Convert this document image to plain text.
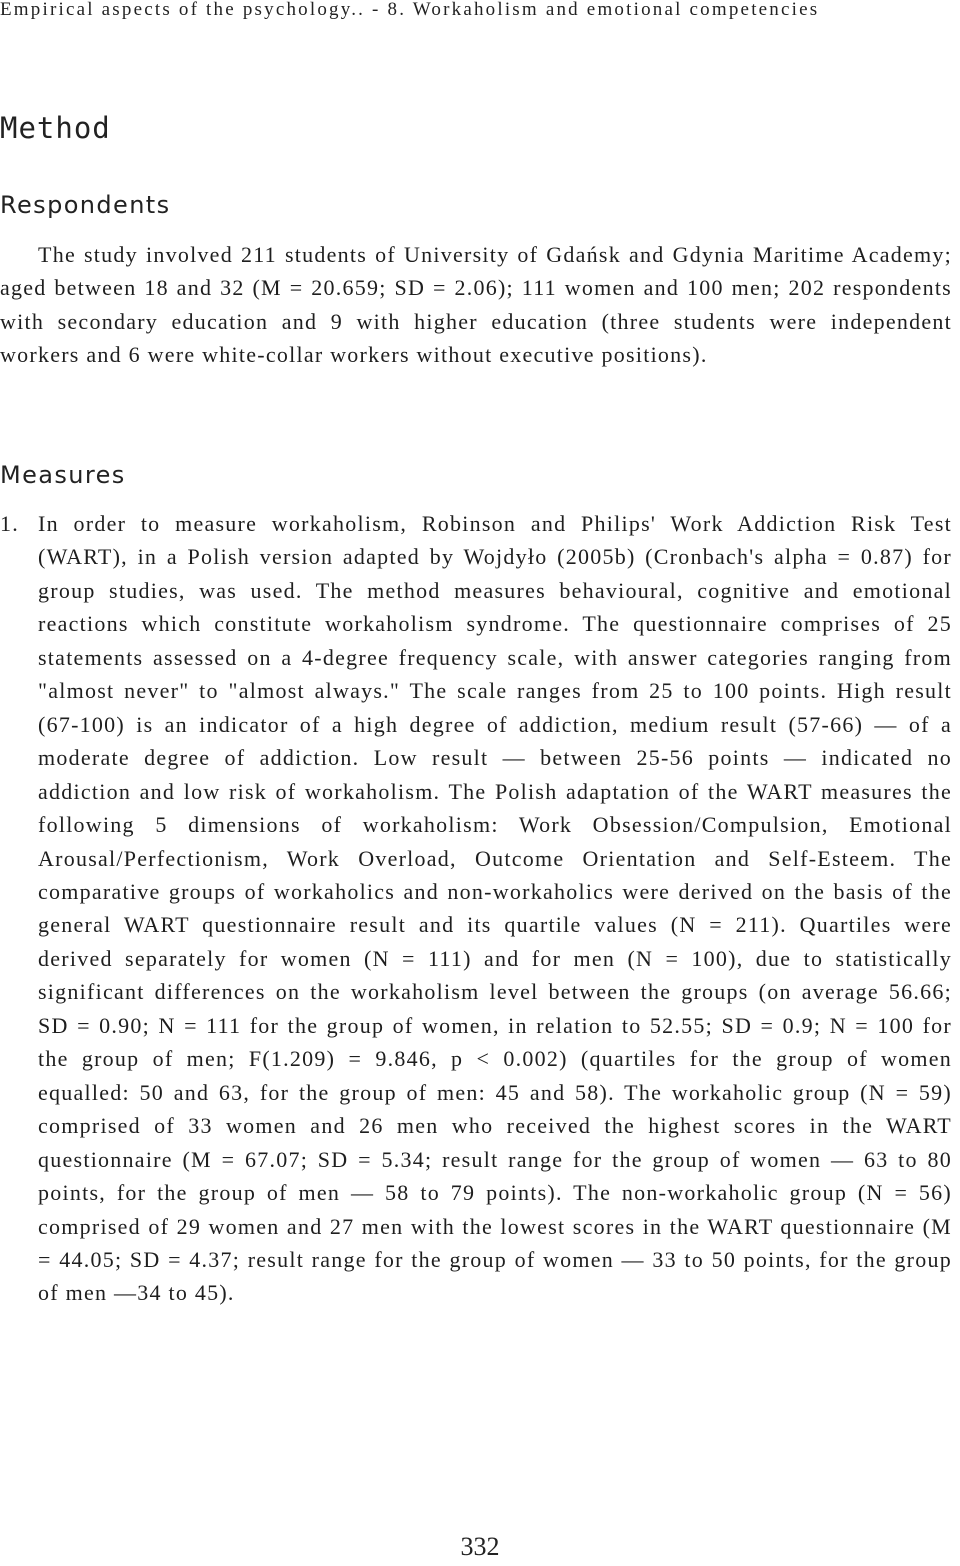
Empirical aspects of the psychology.. - 8. Workaholism and emotional competencies
Method
Respondents

The study involved 211 students of University of Gdańsk and Gdynia Maritime Academy; aged between 18 and 32 (M = 20.659; SD = 2.06); 111 women and 100 men; 202 respondents with secondary education and 9 with higher education (three students were independent workers and 6 were white-collar workers without executive positions).

Measures

1. In order to measure workaholism, Robinson and Philips' Work Addiction Risk Test (WART), in a Polish version adapted by Wojdyło (2005b) (Cronbach's alpha = 0.87) for group studies, was used. The method measures behavioural, cognitive and emotional reactions which constitute workaholism syndrome. The questionnaire comprises of 25 statements assessed on a 4-degree frequency scale, with answer categories ranging from "almost never" to "almost always." The scale ranges from 25 to 100 points. High result (67-100) is an indicator of a high degree of addiction, medium result (57-66) — of a moderate degree of addiction. Low result — between 25-56 points — indicated no addiction and low risk of workaholism. The Polish adaptation of the WART measures the following 5 dimensions of workaholism: Work Obsession/Compulsion, Emotional Arousal/Perfectionism, Work Overload, Outcome Orientation and Self-Esteem. The comparative groups of workaholics and non-workaholics were derived on the basis of the general WART questionnaire result and its quartile values (N = 211). Quartiles were derived separately for women (N = 111) and for men (N = 100), due to statistically significant differences on the workaholism level between the groups (on average 56.66; SD = 0.90; N = 111 for the group of women, in relation to 52.55; SD = 0.9; N = 100 for the group of men; F(1.209) = 9.846, p < 0.002) (quartiles for the group of women equalled: 50 and 63, for the group of men: 45 and 58). The workaholic group (N = 59) comprised of 33 women and 26 men who received the highest scores in the WART questionnaire (M = 67.07; SD = 5.34; result range for the group of women — 63 to 80 points, for the group of men — 58 to 79 points). The non-workaholic group (N = 56) comprised of 29 women and 27 men with the lowest scores in the WART questionnaire (M = 44.05; SD = 4.37; result range for the group of women — 33 to 50 points, for the group of men —34 to 45).

332
